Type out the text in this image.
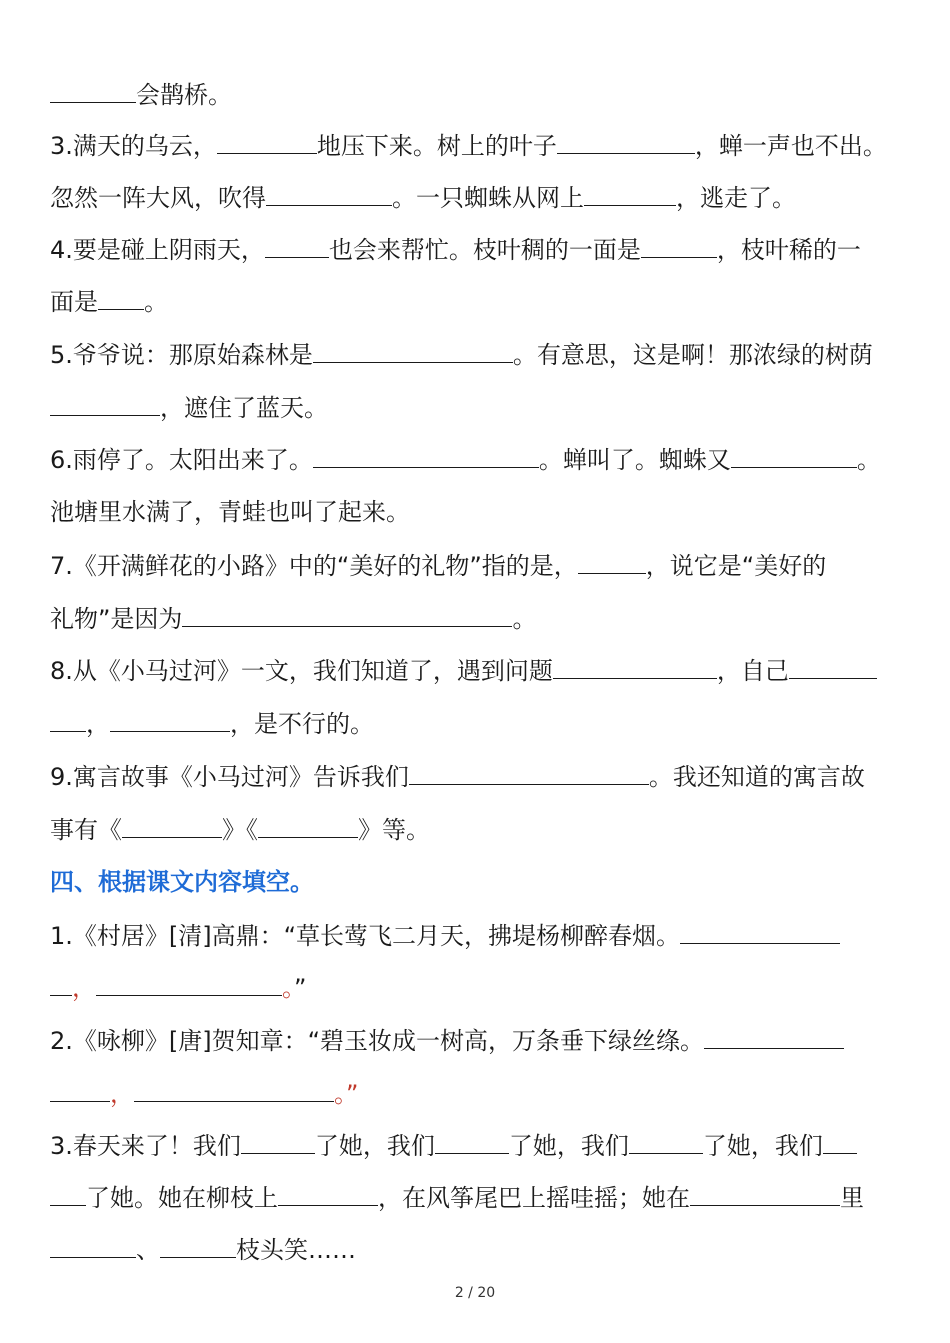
会鹊桥。
3.满天的乌云，	地压下来。树上的叶子	，蝉一声也不出。
忽然一阵大风，吹得	。一只蜘蛛从网上	，逃走了。
4.要是碰上阴雨天，	也会来帮忙。枝叶稠的一面是	，枝叶稀的一
面是 。
5.爷爷说：那原始森林是	。有意思，这是啊！那浓绿的树荫
，遮住了蓝天。
6.雨停了。太阳出来了。	。蝉叫了。蜘蛛又	。
池塘里水满了，青蛙也叫了起来。
7.《开满鲜花的小路》中的“美好的礼物”指的是，	，说它是“美好的
礼物”是因为	。
8.从《小马过河》一文，我们知道了，遇到问题	，自己
，	，是不行的。
9.寓言故事《小马过河》告诉我们	。我还知道的寓言故
事有《	》《	》等。
四、根据课文内容填空。
1.《村居》[清]高鼎：“草长莺飞二月天，拂堤杨柳醉春烟。
，	。”
2.《咏柳》[唐]贺知章：“碧玉妆成一树高，万条垂下绿丝绦。
，	。”
3.春天来了！我们	了她，我们	了她，我们	了她，我们
了她。她在柳枝上	，在风筝尾巴上摇哇摇；她在	里
、	枝头笑……
2 / 20
